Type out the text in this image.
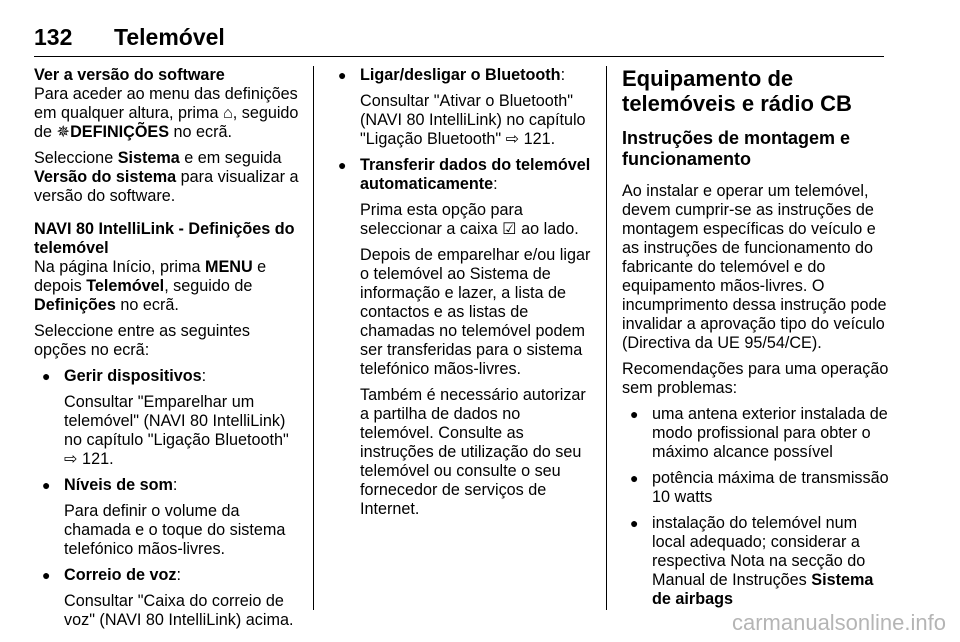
132 Telemóvel

Ver a versão do software

Para aceder ao menu das definições em qualquer altura, prima ⌂, seguido de ✵DEFINIÇÕES no ecrã.

Seleccione Sistema e em seguida Versão do sistema para visualizar a versão do software.

NAVI 80 IntelliLink - Definições do telemóvel

Na página Início, prima MENU e depois Telemóvel, seguido de Definições no ecrã.

Seleccione entre as seguintes opções no ecrã:

● Gerir dispositivos:

Consultar "Emparelhar um telemóvel" (NAVI 80 IntelliLink) no capítulo "Ligação Bluetooth" ⇨ 121.

● Níveis de som:

Para definir o volume da chamada e o toque do sistema telefónico mãos-livres.

● Correio de voz:

Consultar "Caixa do correio de voz" (NAVI 80 IntelliLink) acima.

● Ligar/desligar o Bluetooth:

Consultar "Ativar o Bluetooth" (NAVI 80 IntelliLink) no capítulo "Ligação Bluetooth" ⇨ 121.

● Transferir dados do telemóvel automaticamente:

Prima esta opção para seleccionar a caixa ☑ ao lado.

Depois de emparelhar e/ou ligar o telemóvel ao Sistema de informação e lazer, a lista de contactos e as listas de chamadas no telemóvel podem ser transferidas para o sistema telefónico mãos-livres.

Também é necessário autorizar a partilha de dados no telemóvel. Consulte as instruções de utilização do seu telemóvel ou consulte o seu fornecedor de serviços de Internet.

Equipamento de telemóveis e rádio CB
Instruções de montagem e funcionamento

Ao instalar e operar um telemóvel, devem cumprir-se as instruções de montagem específicas do veículo e as instruções de funcionamento do fabricante do telemóvel e do equipamento mãos-livres. O incumprimento dessa instrução pode invalidar a aprovação tipo do veículo (Directiva da UE 95/54/CE).

Recomendações para uma operação sem problemas:

● uma antena exterior instalada de modo profissional para obter o máximo alcance possível
● potência máxima de transmissão 10 watts
● instalação do telemóvel num local adequado; considerar a respectiva Nota na secção do Manual de Instruções Sistema de airbags
carmanualsonline.info
